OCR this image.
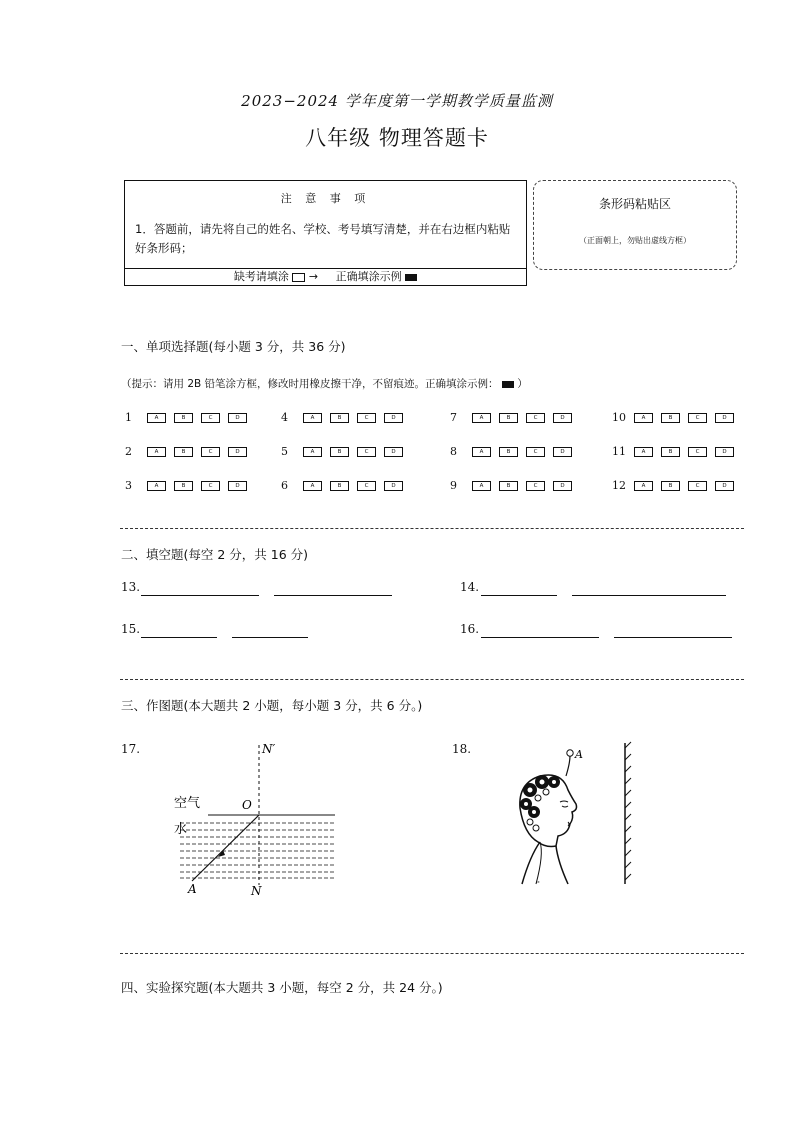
2023−2024 学年度第一学期教学质量监测
八年级 物理答题卡
注 意 事 项
1．答题前，请先将自己的姓名、学校、考号填写清楚，并在右边框内粘贴好条形码；
缺考请填涂 → 正确填涂示例
条形码粘贴区
（正面朝上，勿贴出虚线方框）
一、单项选择题(每小题 3 分，共 36 分)
（提示：请用 2B 铅笔涂方框，修改时用橡皮擦干净，不留痕迹。正确填涂示例： ）
1	A	B	C	D
2	A	B	C	D
3	A	B	C	D
4	A	B	C	D
5	A	B	C	D
6	A	B	C	D
7	A	B	C	D
8	A	B	C	D
9	A	B	C	D
10	A	B	C	D
11	A	B	C	D
12	A	B	C	D
二、填空题(每空 2 分，共 16 分)
13.	14.
15.	16.
三、作图题(本大题共 2 小题，每小题 3 分，共 6 分。)
17.
空气
水
O
N′
N
A
18.	A
''
四、实验探究题(本大题共 3 小题，每空 2 分，共 24 分。)
